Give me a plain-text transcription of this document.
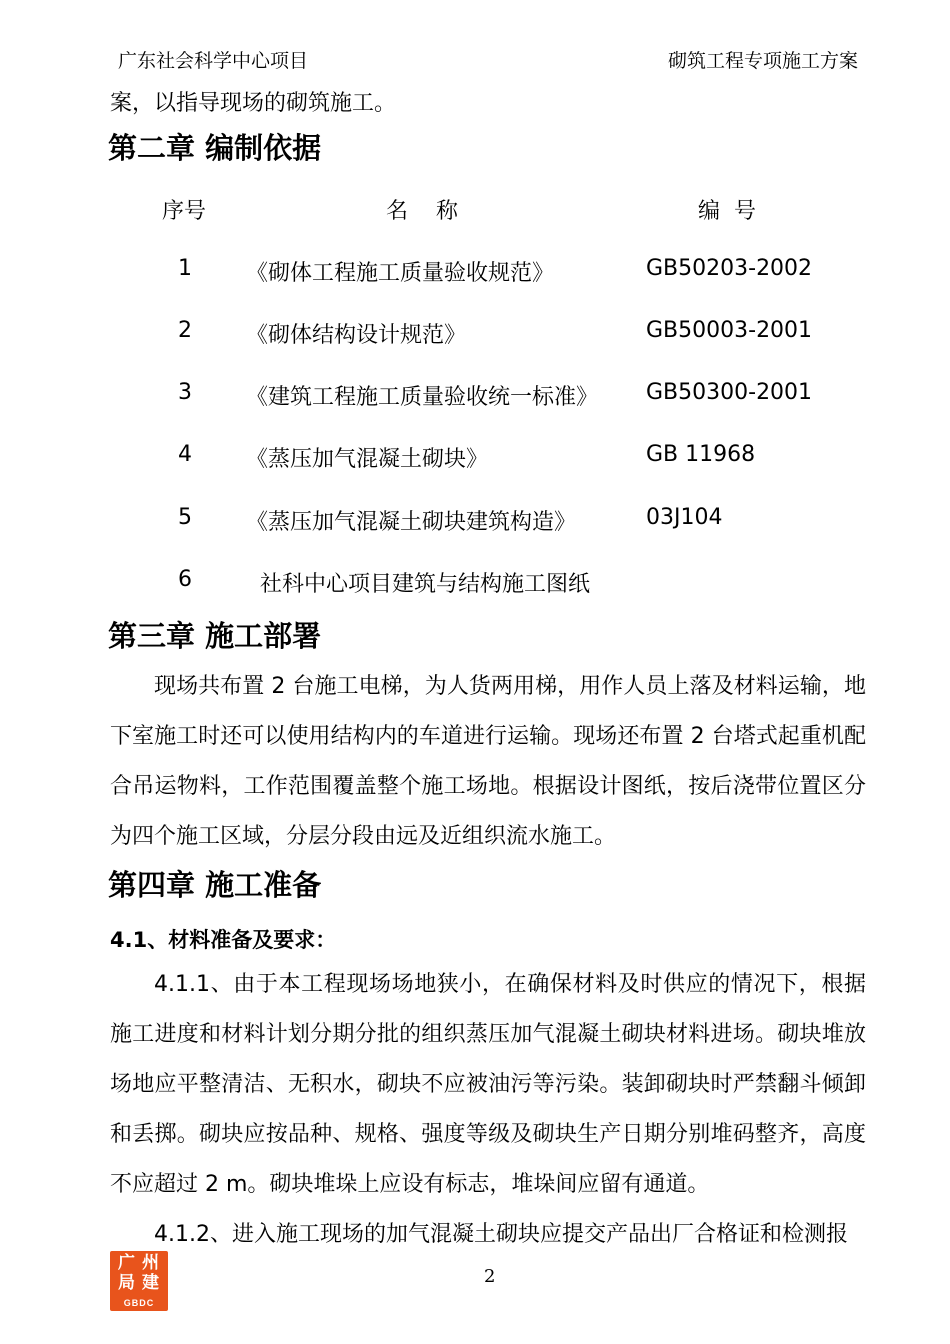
广东社会科学中心项目	砌筑工程专项施工方案
案，以指导现场的砌筑施工。
第二章 编制依据
序号	名    称	编  号
1 《砌体工程施工质量验收规范》	GB50203-2002
2 《砌体结构设计规范》	GB50003-2001
3 《建筑工程施工质量验收统一标准》 GB50300-2001
4 《蒸压加气混凝土砌块》	GB 11968
5 《蒸压加气混凝土砌块建筑构造》	03J104
6 社科中心项目建筑与结构施工图纸
第三章 施工部署
现场共布置 2 台施工电梯，为人货两用梯，用作人员上落及材料运输，地下室施工时还可以使用结构内的车道进行运输。现场还布置 2 台塔式起重机配合吊运物料，工作范围覆盖整个施工场地。根据设计图纸，按后浇带位置区分为四个施工区域，分层分段由远及近组织流水施工。
第四章 施工准备
4.1、材料准备及要求：
4.1.1、由于本工程现场场地狭小，在确保材料及时供应的情况下，根据施工进度和材料计划分期分批的组织蒸压加气混凝土砌块材料进场。砌块堆放场地应平整清洁、无积水，砌块不应被油污等污染。装卸砌块时严禁翻斗倾卸和丢掷。砌块应按品种、规格、强度等级及砌块生产日期分别堆码整齐，高度不应超过 2 m。砌块堆垛上应设有标志，堆垛间应留有通道。
4.1.2、进入施工现场的加气混凝土砌块应提交产品出厂合格证和检测报
2
广 州
局 建
GBDC
